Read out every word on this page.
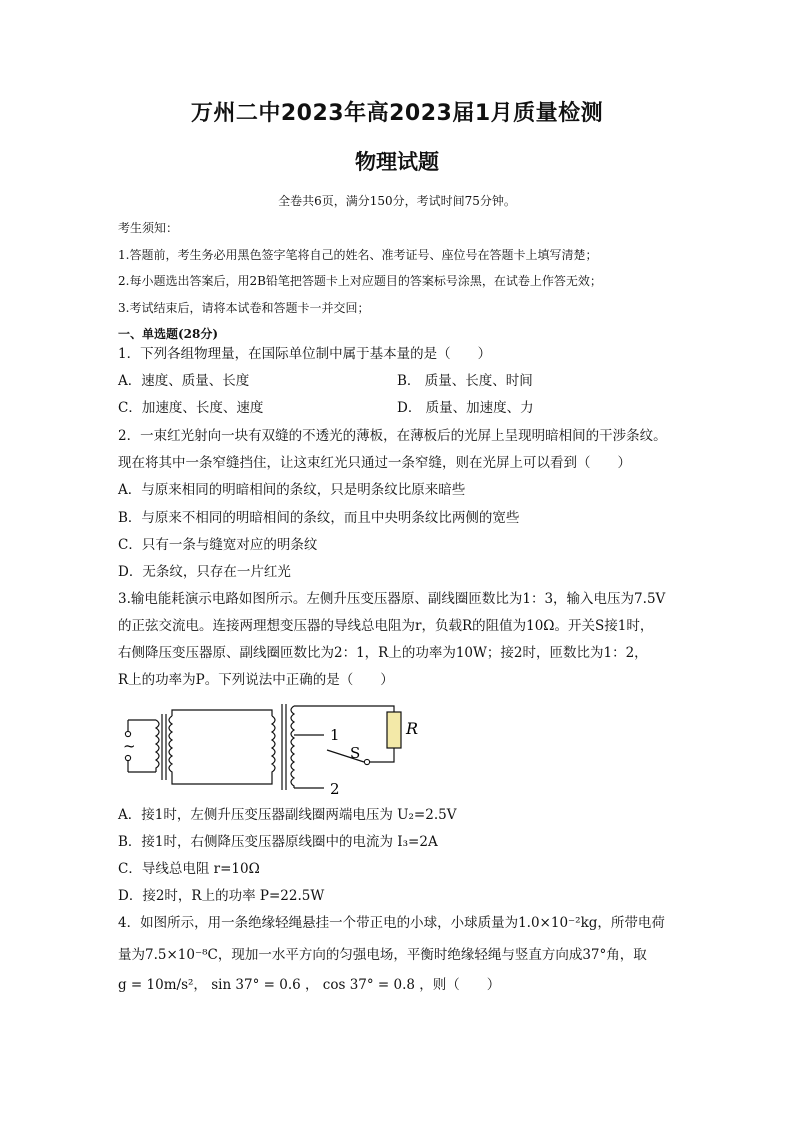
万州二中2023年高2023届1月质量检测
物理试题
全卷共6页，满分150分，考试时间75分钟。
考生须知：
1.答题前，考生务必用黑色签字笔将自己的姓名、准考证号、座位号在答题卡上填写清楚；
2.每小题选出答案后，用2B铅笔把答题卡上对应题目的答案标号涂黑，在试卷上作答无效；
3.考试结束后，请将本试卷和答题卡一并交回；
一、单选题(28分)
1．下列各组物理量，在国际单位制中属于基本量的是（　　）
A．速度、质量、长度	B． 质量、长度、时间
C．加速度、长度、速度	D． 质量、加速度、力
2．一束红光射向一块有双缝的不透光的薄板，在薄板后的光屏上呈现明暗相间的干涉条纹。
现在将其中一条窄缝挡住，让这束红光只通过一条窄缝，则在光屏上可以看到（　　）
A．与原来相同的明暗相间的条纹，只是明条纹比原来暗些
B．与原来不相同的明暗相间的条纹，而且中央明条纹比两侧的宽些
C．只有一条与缝宽对应的明条纹
D．无条纹，只存在一片红光
3.输电能耗演示电路如图所示。左侧升压变压器原、副线圈匝数比为1：3，输入电压为7.5V
的正弦交流电。连接两理想变压器的导线总电阻为r，负载R的阻值为10Ω。开关S接1时，
右侧降压变压器原、副线圈匝数比为2：1，R上的功率为10W；接2时，匝数比为1：2，
R上的功率为P。下列说法中正确的是（　　）
~
R
1
2
S
A．接1时，左侧升压变压器副线圈两端电压为 U₂=2.5V
B．接1时，右侧降压变压器原线圈中的电流为 I₃=2A
C．导线总电阻 r=10Ω
D．接2时，R上的功率 P=22.5W
4．如图所示，用一条绝缘轻绳悬挂一个带正电的小球，小球质量为1.0×10⁻²kg，所带电荷
量为7.5×10⁻⁸C，现加一水平方向的匀强电场，平衡时绝缘轻绳与竖直方向成37°角，取
g = 10m/s²， sin 37° = 0.6 ， cos 37° = 0.8 ，则（　　）
